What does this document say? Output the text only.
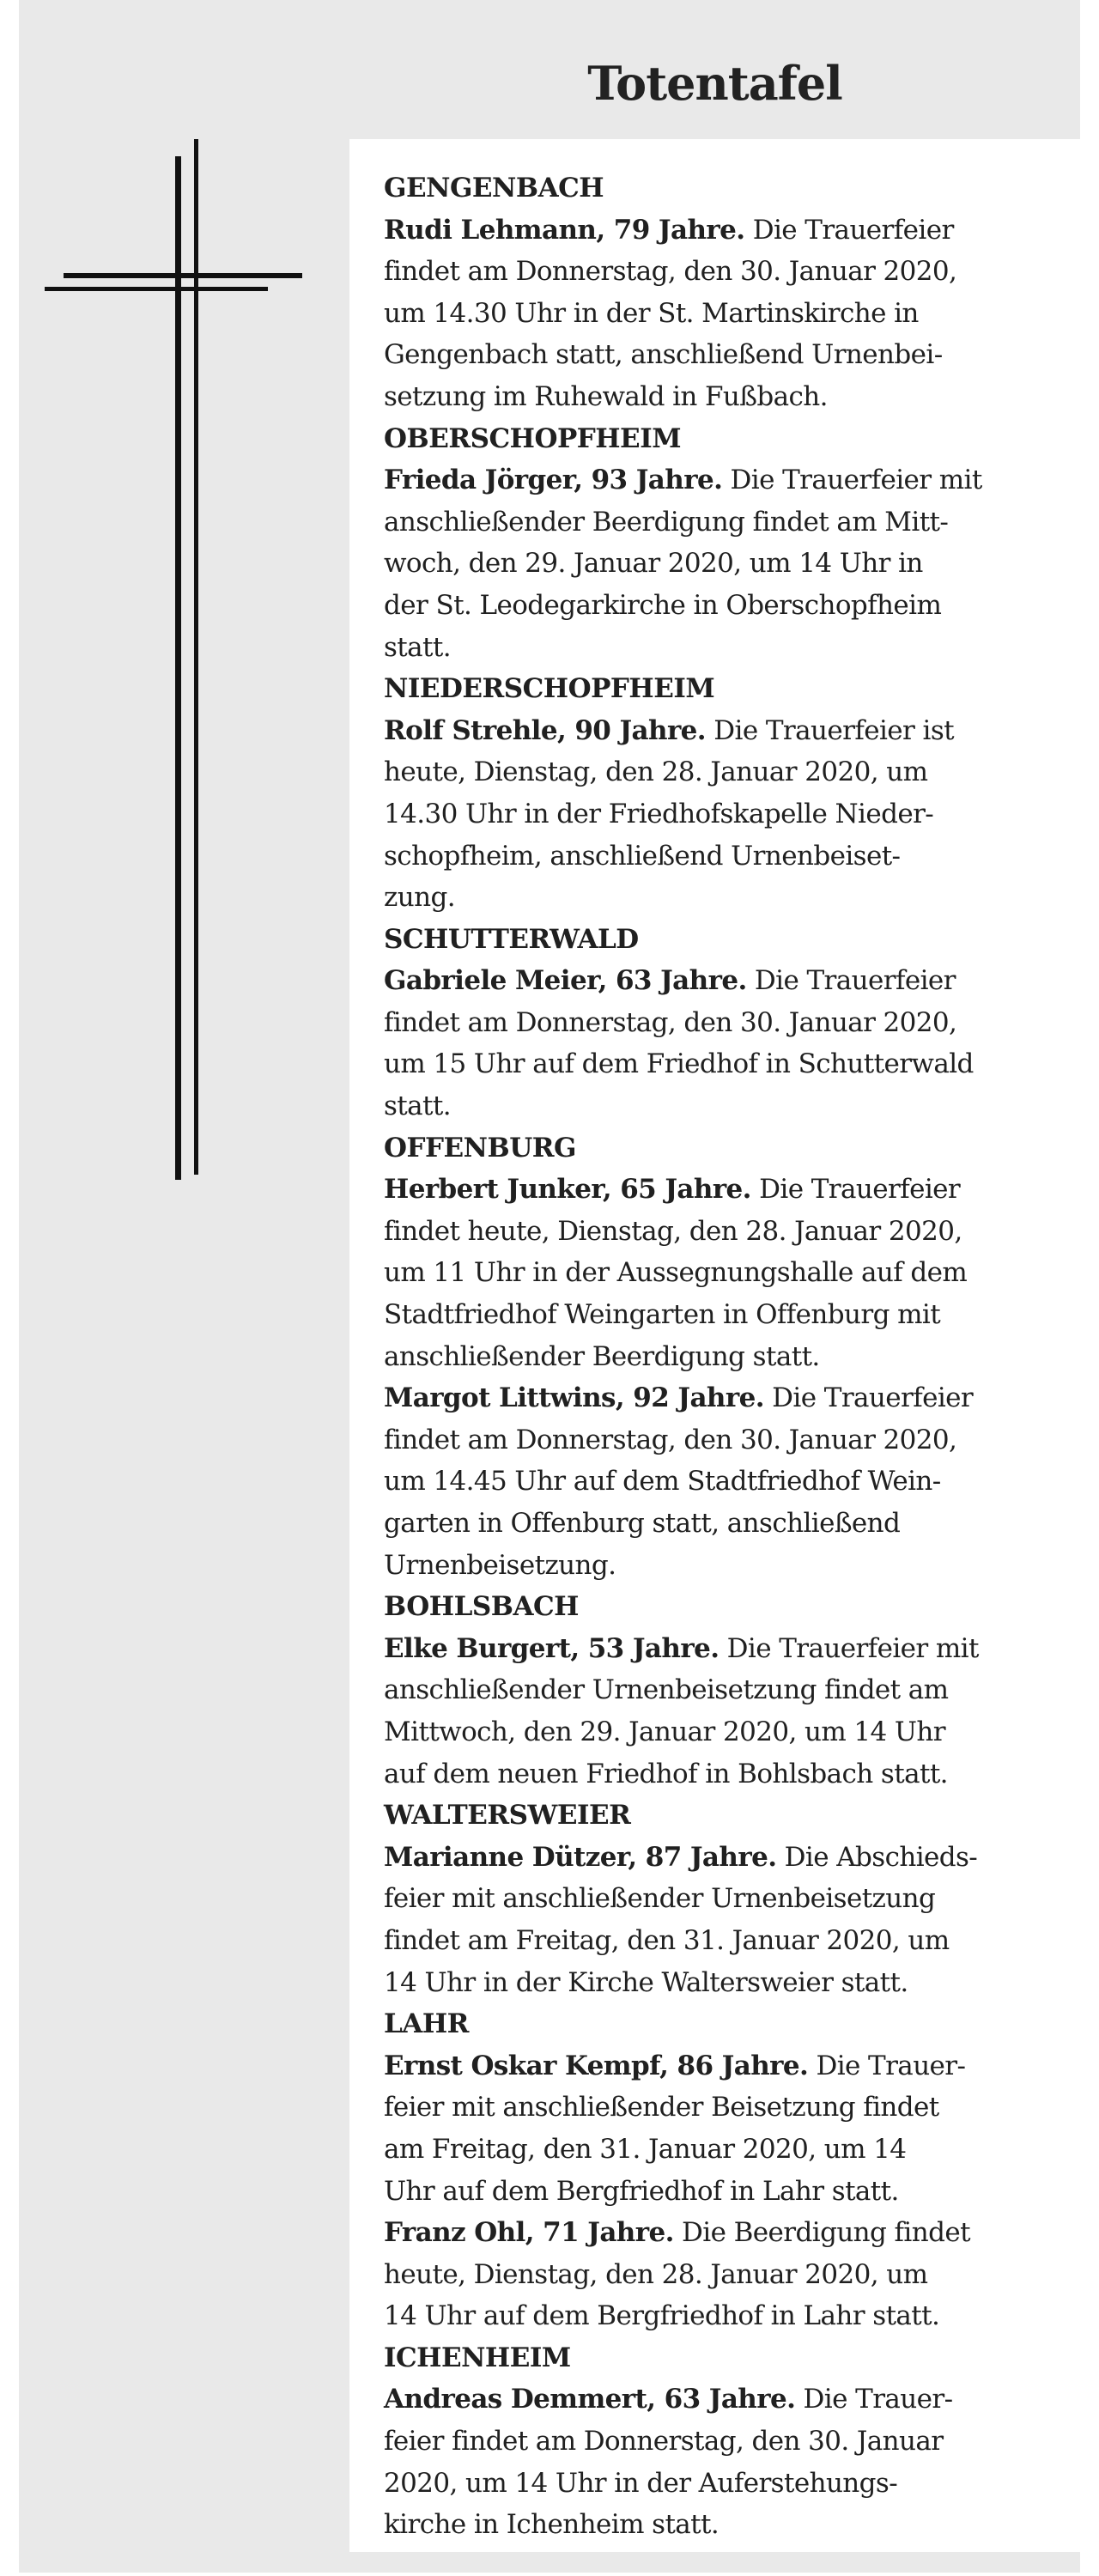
Totentafel
GENGENBACH
Rudi Lehmann, 79 Jahre. Die Trauerfeier
findet am Donnerstag, den 30. Januar 2020,
um 14.30 Uhr in der St. Martinskirche in
Gengenbach statt, anschließend Urnenbei-
setzung im Ruhewald in Fußbach.
OBERSCHOPFHEIM
Frieda Jörger, 93 Jahre. Die Trauerfeier mit
anschließender Beerdigung findet am Mitt-
woch, den 29. Januar 2020, um 14 Uhr in
der St. Leodegarkirche in Oberschopfheim
statt.
NIEDERSCHOPFHEIM
Rolf Strehle, 90 Jahre. Die Trauerfeier ist
heute, Dienstag, den 28. Januar 2020, um
14.30 Uhr in der Friedhofskapelle Nieder-
schopfheim, anschließend Urnenbeiset-
zung.
SCHUTTERWALD
Gabriele Meier, 63 Jahre. Die Trauerfeier
findet am Donnerstag, den 30. Januar 2020,
um 15 Uhr auf dem Friedhof in Schutterwald
statt.
OFFENBURG
Herbert Junker, 65 Jahre. Die Trauerfeier
findet heute, Dienstag, den 28. Januar 2020,
um 11 Uhr in der Aussegnungshalle auf dem
Stadtfriedhof Weingarten in Offenburg mit
anschließender Beerdigung statt.
Margot Littwins, 92 Jahre. Die Trauerfeier
findet am Donnerstag, den 30. Januar 2020,
um 14.45 Uhr auf dem Stadtfriedhof Wein-
garten in Offenburg statt, anschließend
Urnenbeisetzung.
BOHLSBACH
Elke Burgert, 53 Jahre. Die Trauerfeier mit
anschließender Urnenbeisetzung findet am
Mittwoch, den 29. Januar 2020, um 14 Uhr
auf dem neuen Friedhof in Bohlsbach statt.
WALTERSWEIER
Marianne Dützer, 87 Jahre. Die Abschieds-
feier mit anschließender Urnenbeisetzung
findet am Freitag, den 31. Januar 2020, um
14 Uhr in der Kirche Waltersweier statt.
LAHR
Ernst Oskar Kempf, 86 Jahre. Die Trauer-
feier mit anschließender Beisetzung findet
am Freitag, den 31. Januar 2020, um 14
Uhr auf dem Bergfriedhof in Lahr statt.
Franz Ohl, 71 Jahre. Die Beerdigung findet
heute, Dienstag, den 28. Januar 2020, um
14 Uhr auf dem Bergfriedhof in Lahr statt.
ICHENHEIM
Andreas Demmert, 63 Jahre. Die Trauer-
feier findet am Donnerstag, den 30. Januar
2020, um 14 Uhr in der Auferstehungs-
kirche in Ichenheim statt.
